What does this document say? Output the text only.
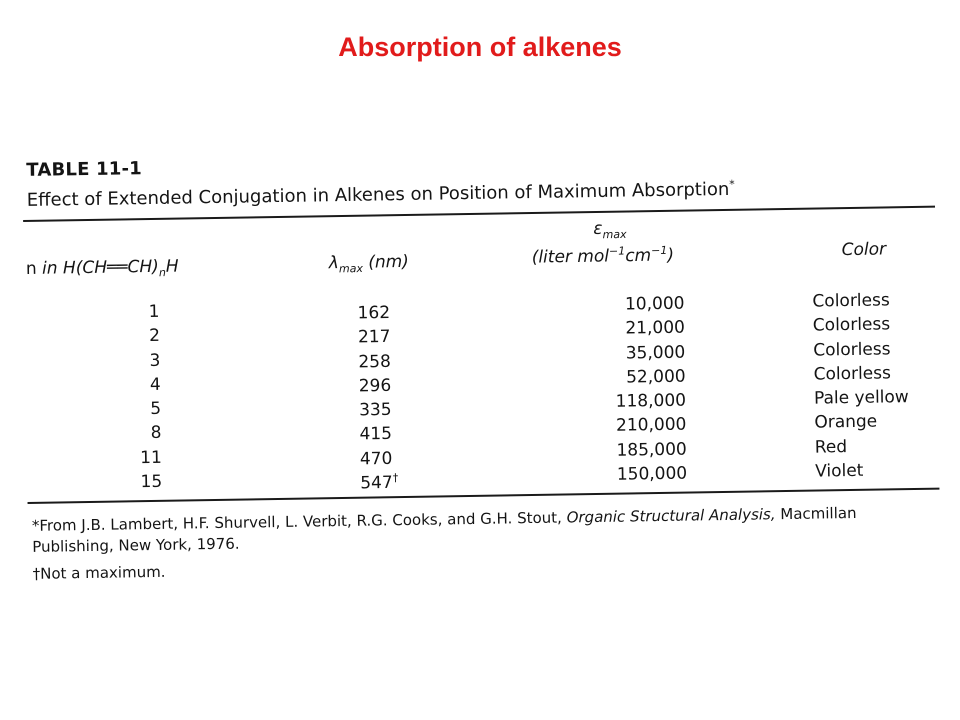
Absorption of alkenes
TABLE 11-1
Effect of Extended Conjugation in Alkenes on Position of Maximum Absorption*
n in $H(CH══CH)_nH$	$\lambda_{max}$ (nm)
$\varepsilon_{max}$
(liter $mol^{-1}cm^{-1}$)	Color
1
2
3
4
5
8
11
15
162
217
258
296
335
415
470
547†
10,000
21,000
35,000
52,000
118,000
210,000
185,000
150,000
Colorless
Colorless
Colorless
Colorless
Pale yellow
Orange
Red
Violet
*From J.B. Lambert, H.F. Shurvell, L. Verbit, R.G. Cooks, and G.H. Stout, Organic Structural Analysis, Macmillan
Publishing, New York, 1976.
†Not a maximum.
